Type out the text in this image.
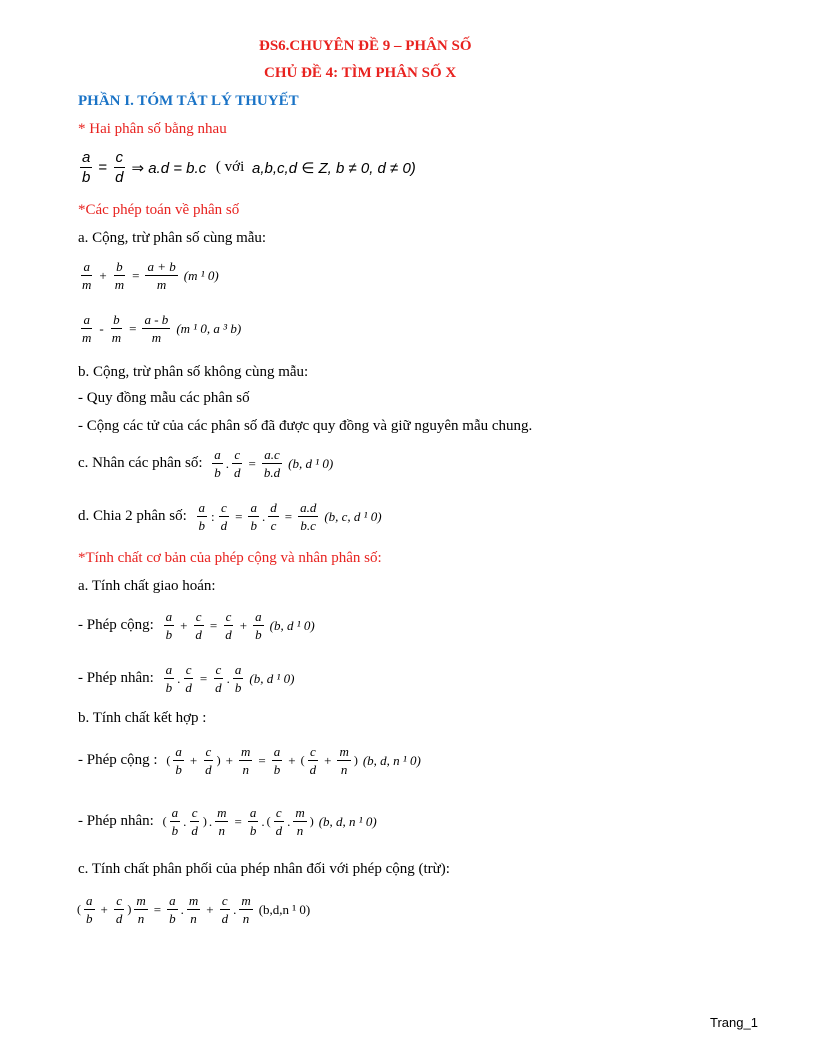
ĐS6.CHUYÊN ĐỀ 9 – PHÂN SỐ
CHỦ ĐỀ 4: TÌM PHÂN SỐ X
PHẦN I. TÓM TẮT LÝ THUYẾT
* Hai phân số bằng nhau
$\frac{a}{b} = \frac{c}{d}$ ⇒ a.d = b.c ( với a,b,c,d ∈ Z, b ≠ 0, d ≠ 0)
*Các phép toán về phân số
a. Cộng, trừ phân số cùng mẫu:
$\frac{a}{m} + \frac{b}{m} = \frac{a + b}{m} (m$ ¹ 0)
$\frac{a}{m} - \frac{b}{m} = \frac{a - b}{m} (m$ ¹ 0, a ³ b)
b. Cộng, trừ phân số không cùng mẫu:
- Quy đồng mẫu các phân số
- Cộng các tử của các phân số đã được quy đồng và giữ nguyên mẫu chung.
c. Nhân các phân số: $\frac{a}{b}$ . $\frac{c}{d} = \frac{a.c}{b.d} (b$, d ¹ 0)
d. Chia 2 phân số: $\frac{a}{b}$ : $\frac{c}{d} = \frac{a}{b}$ . $\frac{d}{c} = \frac{a.d}{b.c} (b$, c, d ¹ 0)
*Tính chất cơ bản của phép cộng và nhân phân số:
a. Tính chất giao hoán:
- Phép cộng: $\frac{a}{b} + \frac{c}{d} = \frac{c}{d} + \frac{a}{b} (b$, d ¹ 0)
- Phép nhân: $\frac{a}{b}$ . $\frac{c}{d} = \frac{c}{d}$ . $\frac{a}{b} (b$, d ¹ 0)
b. Tính chất kết hợp :
- Phép cộng : ( $\frac{a}{b} + \frac{c}{d}$ ) + $\frac{m}{n} = \frac{a}{b}$ + ( $\frac{c}{d} + \frac{m}{n}$ ) (b, d, n ¹ 0)
- Phép nhân: ( $\frac{a}{b}$ . $\frac{c}{d}$ ) . $\frac{m}{n} = \frac{a}{b}$ . ( $\frac{c}{d}$ . $\frac{m}{n}$ ) (b, d, n ¹ 0)
c. Tính chất phân phối của phép nhân đối với phép cộng (trừ):
( $\frac{a}{b} + \frac{c}{d}$ ) $\frac{m}{n} = \frac{a}{b}$ . $\frac{m}{n} + \frac{c}{d}$ . $\frac{m}{n} (b,d,n$ ¹ 0)
Trang_1
